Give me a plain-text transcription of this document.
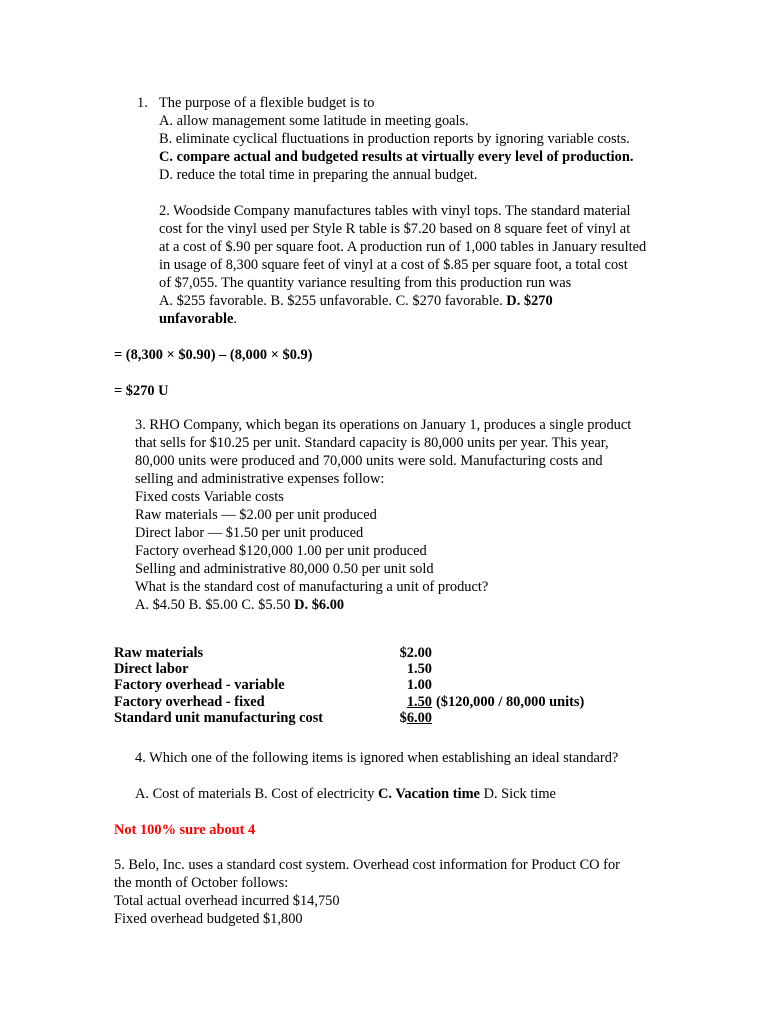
1. The purpose of a flexible budget is to
A. allow management some latitude in meeting goals.
B. eliminate cyclical fluctuations in production reports by ignoring variable costs.
C. compare actual and budgeted results at virtually every level of production.
D. reduce the total time in preparing the annual budget.
2. Woodside Company manufactures tables with vinyl tops. The standard material
cost for the vinyl used per Style R table is $7.20 based on 8 square feet of vinyl at
at a cost of $.90 per square foot. A production run of 1,000 tables in January resulted
in usage of 8,300 square feet of vinyl at a cost of $.85 per square foot, a total cost
of $7,055. The quantity variance resulting from this production run was
A. $255 favorable. B. $255 unfavorable. C. $270 favorable. D. $270
unfavorable.
= (8,300 × $0.90) – (8,000 × $0.9)
= $270 U
3. RHO Company, which began its operations on January 1, produces a single product
that sells for $10.25 per unit. Standard capacity is 80,000 units per year. This year,
80,000 units were produced and 70,000 units were sold. Manufacturing costs and
selling and administrative expenses follow:
Fixed costs Variable costs
Raw materials — $2.00 per unit produced
Direct labor — $1.50 per unit produced
Factory overhead $120,000 1.00 per unit produced
Selling and administrative 80,000 0.50 per unit sold
What is the standard cost of manufacturing a unit of product?
A. $4.50 B. $5.00 C. $5.50 D. $6.00
Raw materials	$2.00
Direct labor	1.50
Factory overhead - variable	1.00
Factory overhead - fixed	1.50 ($120,000 / 80,000 units)
Standard unit manufacturing cost	$6.00
4. Which one of the following items is ignored when establishing an ideal standard?
A. Cost of materials B. Cost of electricity C. Vacation time D. Sick time
Not 100% sure about 4
5. Belo, Inc. uses a standard cost system. Overhead cost information for Product CO for
the month of October follows:
Total actual overhead incurred $14,750
Fixed overhead budgeted $1,800
